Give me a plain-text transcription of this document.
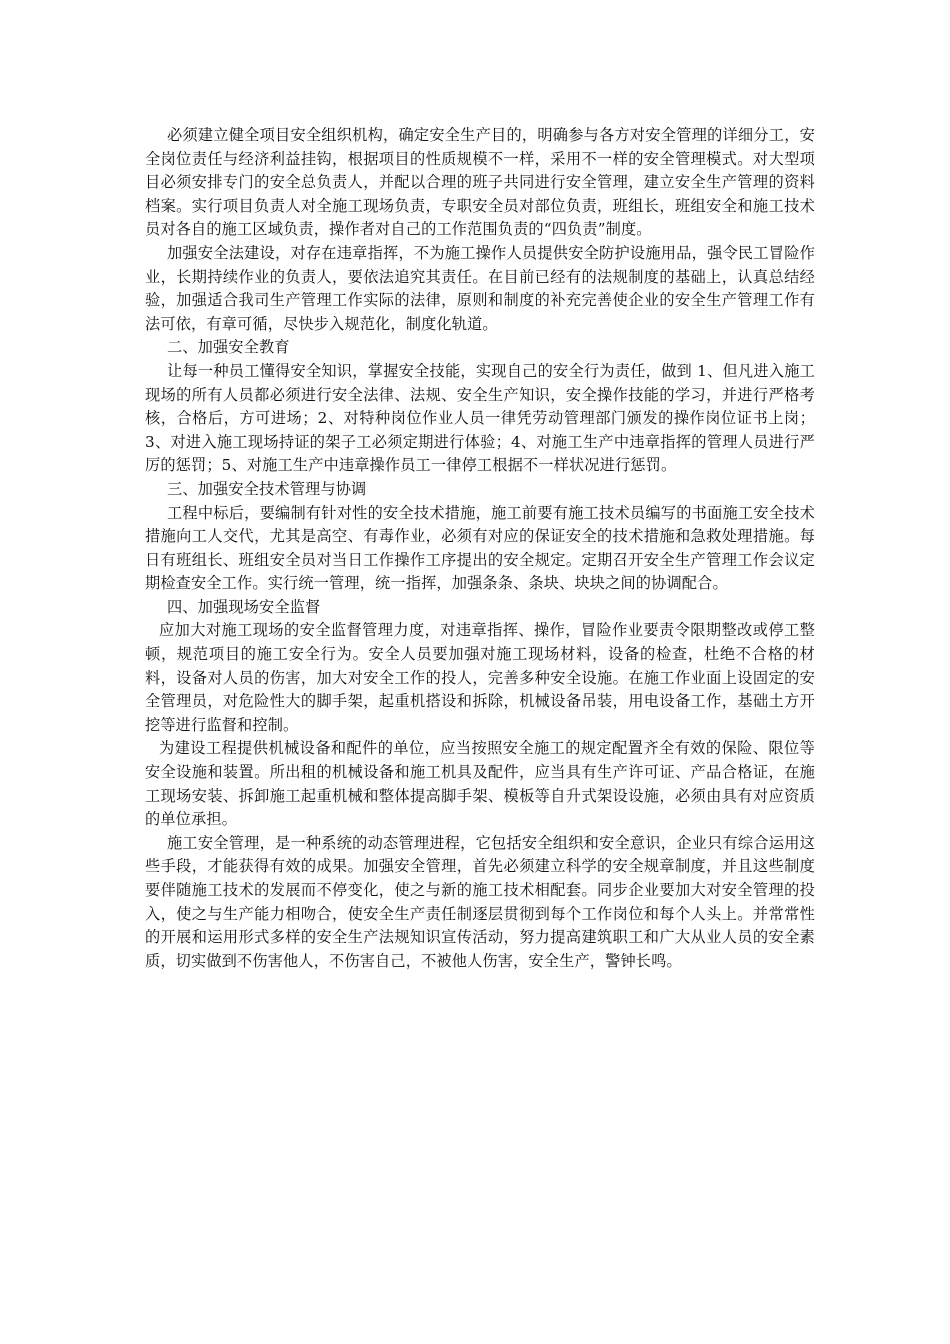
必须建立健全项目安全组织机构，确定安全生产目的，明确参与各方对安全管理的详细分工，安全岗位责任与经济利益挂钩，根据项目的性质规模不一样，采用不一样的安全管理模式。对大型项目必须安排专门的安全总负责人，并配以合理的班子共同进行安全管理，建立安全生产管理的资料档案。实行项目负责人对全施工现场负责，专职安全员对部位负责，班组长，班组安全和施工技术员对各自的施工区域负责，操作者对自己的工作范围负责的“四负责”制度。

加强安全法建设，对存在违章指挥，不为施工操作人员提供安全防护设施用品，强令民工冒险作业，长期持续作业的负责人，要依法追究其责任。在目前已经有的法规制度的基础上，认真总结经验，加强适合我司生产管理工作实际的法律，原则和制度的补充完善使企业的安全生产管理工作有法可依，有章可循，尽快步入规范化，制度化轨道。

二、加强安全教育

让每一种员工懂得安全知识，掌握安全技能，实现自己的安全行为责任，做到 1、但凡进入施工现场的所有人员都必须进行安全法律、法规、安全生产知识，安全操作技能的学习，并进行严格考核，合格后，方可进场；2、对特种岗位作业人员一律凭劳动管理部门颁发的操作岗位证书上岗；3、对进入施工现场持证的架子工必须定期进行体验；4、对施工生产中违章指挥的管理人员进行严厉的惩罚；5、对施工生产中违章操作员工一律停工根据不一样状况进行惩罚。

三、加强安全技术管理与协调

工程中标后，要编制有针对性的安全技术措施，施工前要有施工技术员编写的书面施工安全技术措施向工人交代，尤其是高空、有毒作业，必须有对应的保证安全的技术措施和急救处理措施。每日有班组长、班组安全员对当日工作操作工序提出的安全规定。定期召开安全生产管理工作会议定期检查安全工作。实行统一管理，统一指挥，加强条条、条块、块块之间的协调配合。

四、加强现场安全监督

应加大对施工现场的安全监督管理力度，对违章指挥、操作，冒险作业要责令限期整改或停工整顿，规范项目的施工安全行为。安全人员要加强对施工现场材料，设备的检查，杜绝不合格的材料，设备对人员的伤害，加大对安全工作的投人，完善多种安全设施。在施工作业面上设固定的安全管理员，对危险性大的脚手架，起重机搭设和拆除，机械设备吊装，用电设备工作，基础土方开挖等进行监督和控制。

为建设工程提供机械设备和配件的单位，应当按照安全施工的规定配置齐全有效的保险、限位等安全设施和装置。所出租的机械设备和施工机具及配件，应当具有生产许可证、产品合格证，在施工现场安装、拆卸施工起重机械和整体提高脚手架、模板等自升式架设设施，必须由具有对应资质的单位承担。

施工安全管理，是一种系统的动态管理进程，它包括安全组织和安全意识，企业只有综合运用这些手段，才能获得有效的成果。加强安全管理，首先必须建立科学的安全规章制度，并且这些制度要伴随施工技术的发展而不停变化，使之与新的施工技术相配套。同步企业要加大对安全管理的投入，使之与生产能力相吻合，使安全生产责任制逐层贯彻到每个工作岗位和每个人头上。并常常性的开展和运用形式多样的安全生产法规知识宣传活动，努力提高建筑职工和广大从业人员的安全素质，切实做到不伤害他人，不伤害自己，不被他人伤害，安全生产，警钟长鸣。
